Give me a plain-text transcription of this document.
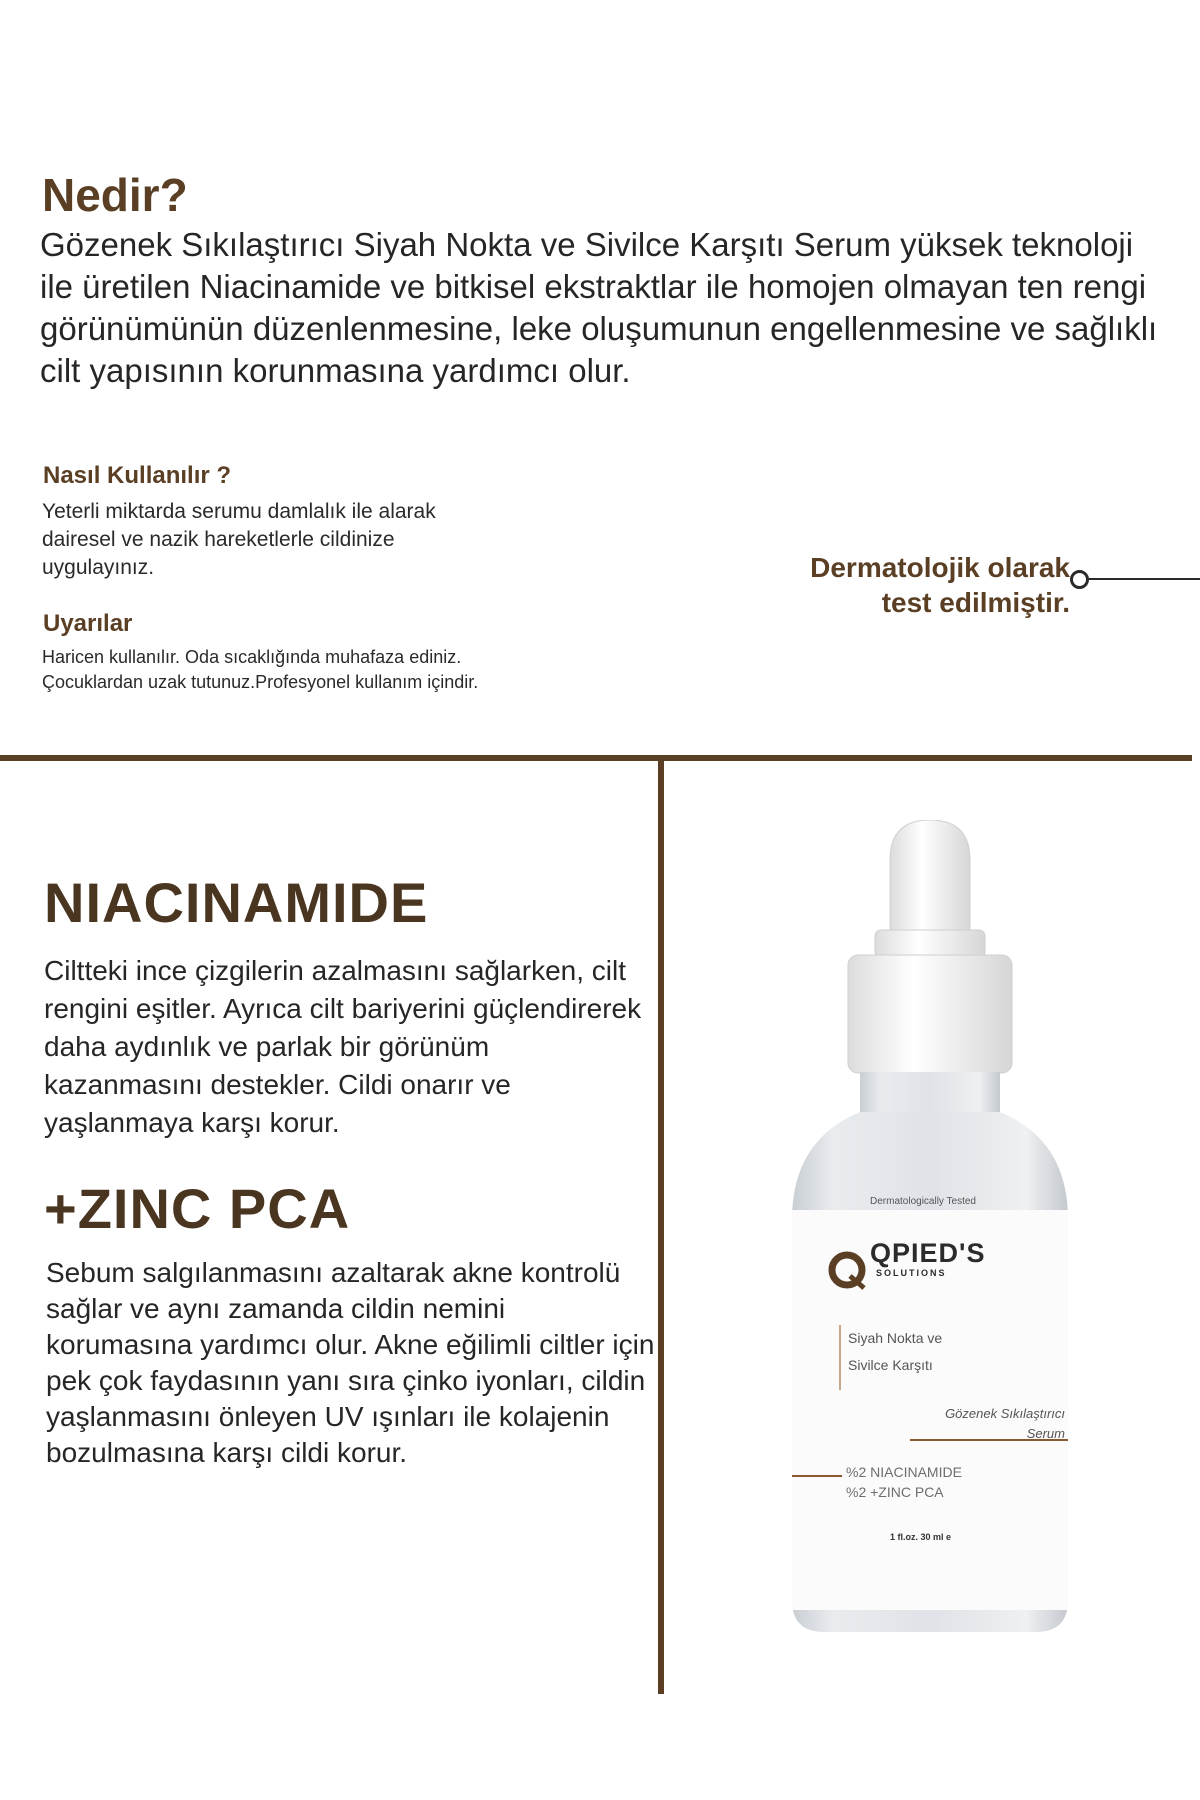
Nedir?

Gözenek Sıkılaştırıcı Siyah Nokta ve Sivilce Karşıtı Serum yüksek teknoloji ile üretilen Niacinamide ve bitkisel ekstraktlar ile homojen olmayan ten rengi görünümünün düzenlenmesine, leke oluşumunun engellenmesine ve sağlıklı cilt yapısının korunmasına yardımcı olur.

Nasıl Kullanılır ?

Yeterli miktarda serumu damlalık ile alarak dairesel ve nazik hareketlerle cildinize uygulayınız.

Uyarılar

Haricen kullanılır. Oda sıcaklığında muhafaza ediniz.

Çocuklardan uzak tutunuz.Profesyonel kullanım içindir.

Dermatolojik olarak
test edilmiştir.
NIACINAMIDE

Ciltteki ince çizgilerin azalmasını sağlarken, cilt rengini eşitler. Ayrıca cilt bariyerini güçlendirerek daha aydınlık ve parlak bir görünüm kazanmasını destekler. Cildi onarır ve yaşlanmaya karşı korur.

+ZINC PCA

Sebum salgılanmasını azaltarak akne kontrolü sağlar ve aynı zamanda cildin nemini korumasına yardımcı olur. Akne eğilimli ciltler için pek çok faydasının yanı sıra çinko iyonları, cildin yaşlanmasını önleyen UV ışınları ile kolajenin bozulmasına karşı cildi korur.

Dermatologically Tested
QPIED'S
SOLUTIONS
Siyah Nokta ve
Sivilce Karşıtı
Gözenek Sıkılaştırıcı
Serum
%2 NIACINAMIDE
%2 +ZINC PCA
1 fl.oz. 30 ml e
